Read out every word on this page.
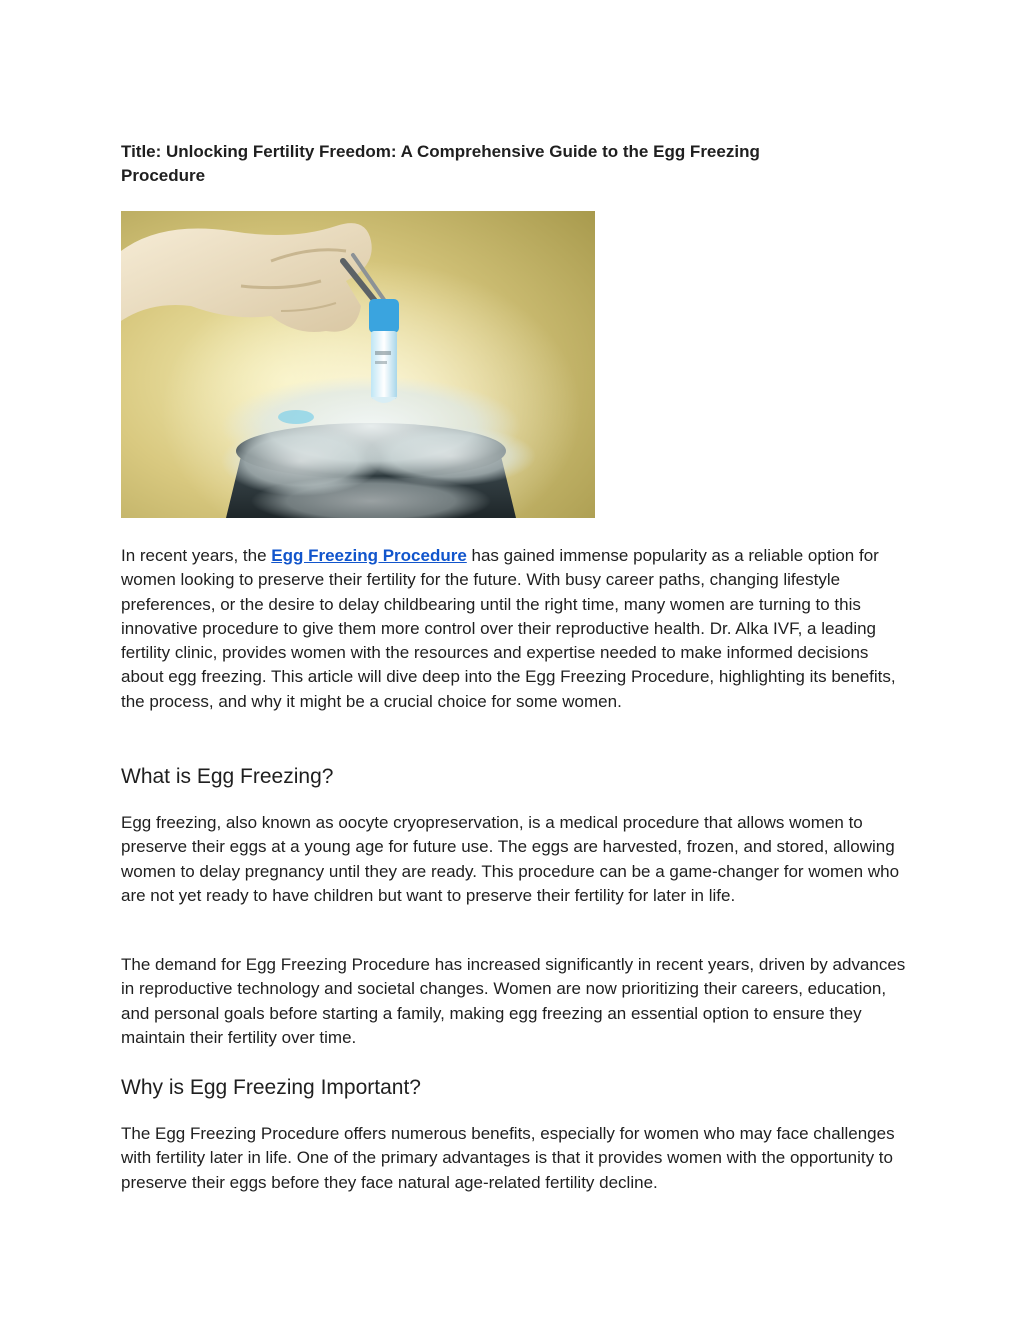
Title: Unlocking Fertility Freedom: A Comprehensive Guide to the Egg Freezing Procedure

In recent years, the Egg Freezing Procedure has gained immense popularity as a reliable option for women looking to preserve their fertility for the future. With busy career paths, changing lifestyle preferences, or the desire to delay childbearing until the right time, many women are turning to this innovative procedure to give them more control over their reproductive health. Dr. Alka IVF, a leading fertility clinic, provides women with the resources and expertise needed to make informed decisions about egg freezing. This article will dive deep into the Egg Freezing Procedure, highlighting its benefits, the process, and why it might be a crucial choice for some women.

What is Egg Freezing?

Egg freezing, also known as oocyte cryopreservation, is a medical procedure that allows women to preserve their eggs at a young age for future use. The eggs are harvested, frozen, and stored, allowing women to delay pregnancy until they are ready. This procedure can be a game-changer for women who are not yet ready to have children but want to preserve their fertility for later in life.

The demand for Egg Freezing Procedure has increased significantly in recent years, driven by advances in reproductive technology and societal changes. Women are now prioritizing their careers, education, and personal goals before starting a family, making egg freezing an essential option to ensure they maintain their fertility over time.

Why is Egg Freezing Important?

The Egg Freezing Procedure offers numerous benefits, especially for women who may face challenges with fertility later in life. One of the primary advantages is that it provides women with the opportunity to preserve their eggs before they face natural age-related fertility decline.
